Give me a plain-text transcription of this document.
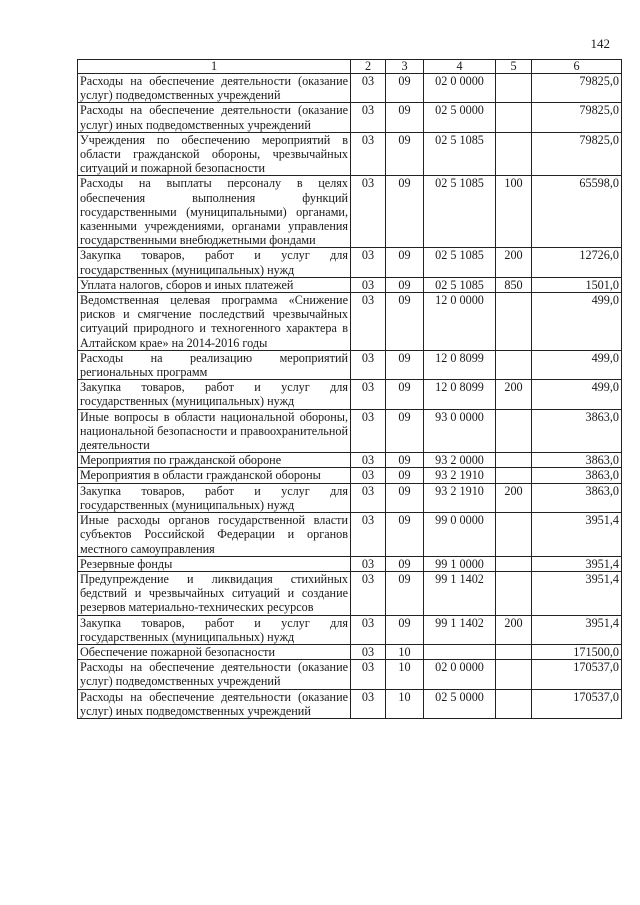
142
1	2	3	4	5	6
Расходы на обеспечение деятельности (оказание услуг) подведомственных учреждений	03	09	02 0 0000		79825,0
Расходы на обеспечение деятельности (оказание услуг) иных подведомственных учреждений	03	09	02 5 0000		79825,0
Учреждения по обеспечению мероприятий в области гражданской обороны, чрезвычайных ситуаций и пожарной безопасности	03	09	02 5 1085		79825,0
Расходы на выплаты персоналу в целях обеспечения выполнения функций государственными (муниципальными) органами, казенными учреждениями, органами управления государственными внебюджетными фондами	03	09	02 5 1085	100	65598,0
Закупка товаров, работ и услуг для государственных (муниципальных) нужд	03	09	02 5 1085	200	12726,0
Уплата налогов, сборов и иных платежей	03	09	02 5 1085	850	1501,0
Ведомственная целевая программа «Снижение рисков и смягчение последствий чрезвычайных ситуаций природного и техногенного характера в Алтайском крае» на 2014-2016 годы	03	09	12 0 0000		499,0
Расходы на реализацию мероприятий региональных программ	03	09	12 0 8099		499,0
Закупка товаров, работ и услуг для государственных (муниципальных) нужд	03	09	12 0 8099	200	499,0
Иные вопросы в области национальной обороны, национальной безопасности и правоохранительной деятельности	03	09	93 0 0000		3863,0
Мероприятия по гражданской обороне	03	09	93 2 0000		3863,0
Мероприятия в области гражданской обороны	03	09	93 2 1910		3863,0
Закупка товаров, работ и услуг для государственных (муниципальных) нужд	03	09	93 2 1910	200	3863,0
Иные расходы органов государственной власти субъектов Российской Федерации и органов местного самоуправления	03	09	99 0 0000		3951,4
Резервные фонды	03	09	99 1 0000		3951,4
Предупреждение и ликвидация стихийных бедствий и чрезвычайных ситуаций и создание резервов материально-технических ресурсов	03	09	99 1 1402		3951,4
Закупка товаров, работ и услуг для государственных (муниципальных) нужд	03	09	99 1 1402	200	3951,4
Обеспечение пожарной безопасности	03	10			171500,0
Расходы на обеспечение деятельности (оказание услуг) подведомственных учреждений	03	10	02 0 0000		170537,0
Расходы на обеспечение деятельности (оказание услуг) иных подведомственных учреждений	03	10	02 5 0000		170537,0
